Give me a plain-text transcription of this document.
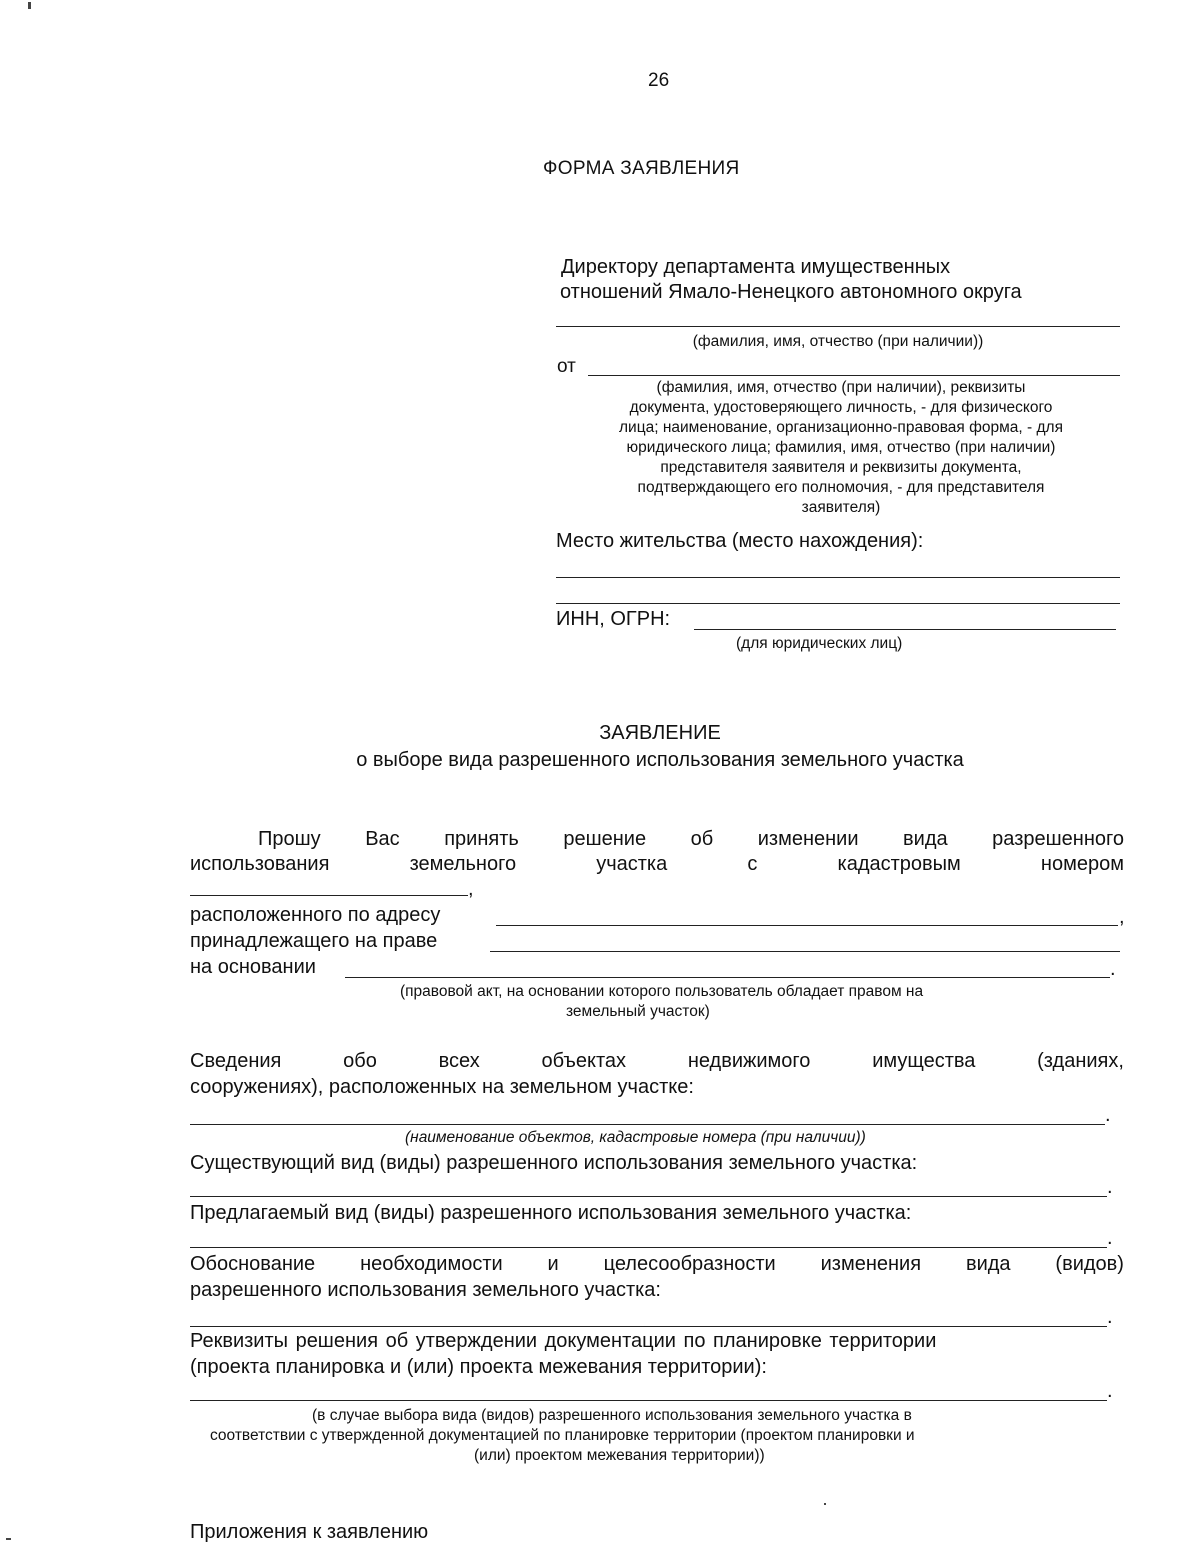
26
ФОРМА ЗАЯВЛЕНИЯ
Директору департамента имущественных
отношений Ямало-Ненецкого автономного округа
(фамилия, имя, отчество (при наличии))
от
(фамилия, имя, отчество (при наличии), реквизиты
документа, удостоверяющего личность, - для физического
лица; наименование, организационно-правовая форма, - для
юридического лица; фамилия, имя, отчество (при наличии)
представителя заявителя и реквизиты документа,
подтверждающего его полномочия, - для представителя
заявителя)
Место жительства (место нахождения):
ИНН, ОГРН:
(для юридических лиц)
ЗАЯВЛЕНИЕ
о выборе вида разрешенного использования земельного участка
Прошу Вас принять решение об изменении вида разрешенного
использования	земельного	участка	с	кадастровым	номером
,
расположенного по адресу	,
принадлежащего на праве
на основании	.
(правовой акт, на основании которого пользователь обладает правом на
земельный участок)
Сведения	обо	всех	объектах	недвижимого	имущества	(зданиях,
сооружениях), расположенных на земельном участке:
.
(наименование объектов, кадастровые номера (при наличии))
Существующий вид (виды) разрешенного использования земельного участка:
.
Предлагаемый вид (виды) разрешенного использования земельного участка:
.
Обоснование необходимости и целесообразности изменения вида (видов)
разрешенного использования земельного участка:
.
Реквизиты решения об утверждении документации по планировке территории
(проекта планировка и (или) проекта межевания территории):
.
(в случае выбора вида (видов) разрешенного использования земельного участка в
соответствии с утвержденной документацией по планировке территории (проектом планировки и
(или) проектом межевания территории))
Приложения к заявлению
